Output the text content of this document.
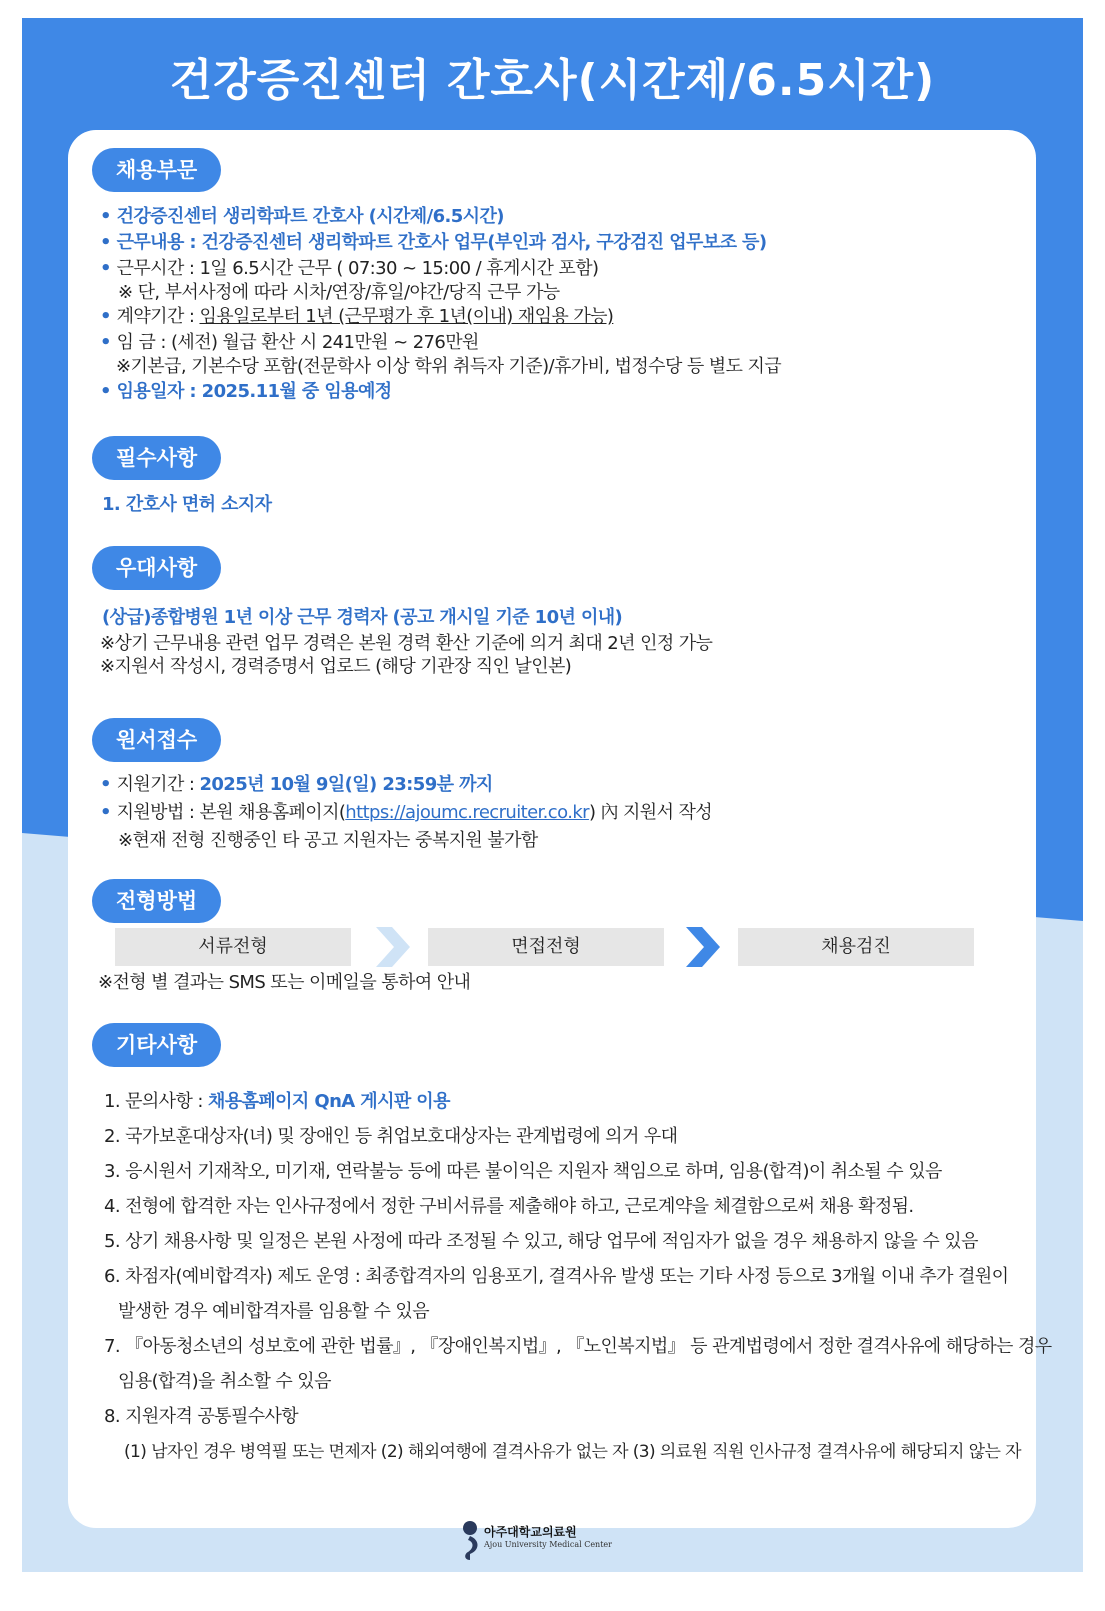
건강증진센터 간호사(시간제/6.5시간)
채용부문
• 건강증진센터 생리학파트 간호사 (시간제/6.5시간)
• 근무내용 : 건강증진센터 생리학파트 간호사 업무(부인과 검사, 구강검진 업무보조 등)
• 근무시간 : 1일 6.5시간 근무 ( 07:30 ~ 15:00 / 휴게시간 포함)
※ 단, 부서사정에 따라 시차/연장/휴일/야간/당직 근무 가능
• 계약기간 : 임용일로부터 1년 (근무평가 후 1년(이내) 재임용 가능)
• 임 금 : (세전) 월급 환산 시 241만원 ~ 276만원
※기본급, 기본수당 포함(전문학사 이상 학위 취득자 기준)/휴가비, 법정수당 등 별도 지급
• 임용일자 : 2025.11월 중 임용예정
필수사항
1. 간호사 면허 소지자
우대사항
(상급)종합병원 1년 이상 근무 경력자 (공고 개시일 기준 10년 이내)
※상기 근무내용 관련 업무 경력은 본원 경력 환산 기준에 의거 최대 2년 인정 가능
※지원서 작성시, 경력증명서 업로드 (해당 기관장 직인 날인본)
원서접수
• 지원기간 : 2025년 10월 9일(일) 23:59분 까지
• 지원방법 : 본원 채용홈페이지(https://ajoumc.recruiter.co.kr) 內 지원서 작성
※현재 전형 진행중인 타 공고 지원자는 중복지원 불가함
전형방법
서류전형	면접전형	채용검진
※전형 별 결과는 SMS 또는 이메일을 통하여 안내
기타사항
1. 문의사항 : 채용홈페이지 QnA 게시판 이용
2. 국가보훈대상자(녀) 및 장애인 등 취업보호대상자는 관계법령에 의거 우대
3. 응시원서 기재착오, 미기재, 연락불능 등에 따른 불이익은 지원자 책임으로 하며, 임용(합격)이 취소될 수 있음
4. 전형에 합격한 자는 인사규정에서 정한 구비서류를 제출해야 하고, 근로계약을 체결함으로써 채용 확정됨.
5. 상기 채용사항 및 일정은 본원 사정에 따라 조정될 수 있고, 해당 업무에 적임자가 없을 경우 채용하지 않을 수 있음
6. 차점자(예비합격자) 제도 운영 : 최종합격자의 임용포기, 결격사유 발생 또는 기타 사정 등으로 3개월 이내 추가 결원이
발생한 경우 예비합격자를 임용할 수 있음
7. 『아동청소년의 성보호에 관한 법률』, 『장애인복지법』, 『노인복지법』 등 관계법령에서 정한 결격사유에 해당하는 경우
임용(합격)을 취소할 수 있음
8. 지원자격 공통필수사항
(1) 남자인 경우 병역필 또는 면제자 (2) 해외여행에 결격사유가 없는 자 (3) 의료원 직원 인사규정 결격사유에 해당되지 않는 자
아주대학교의료원
Ajou University Medical Center
